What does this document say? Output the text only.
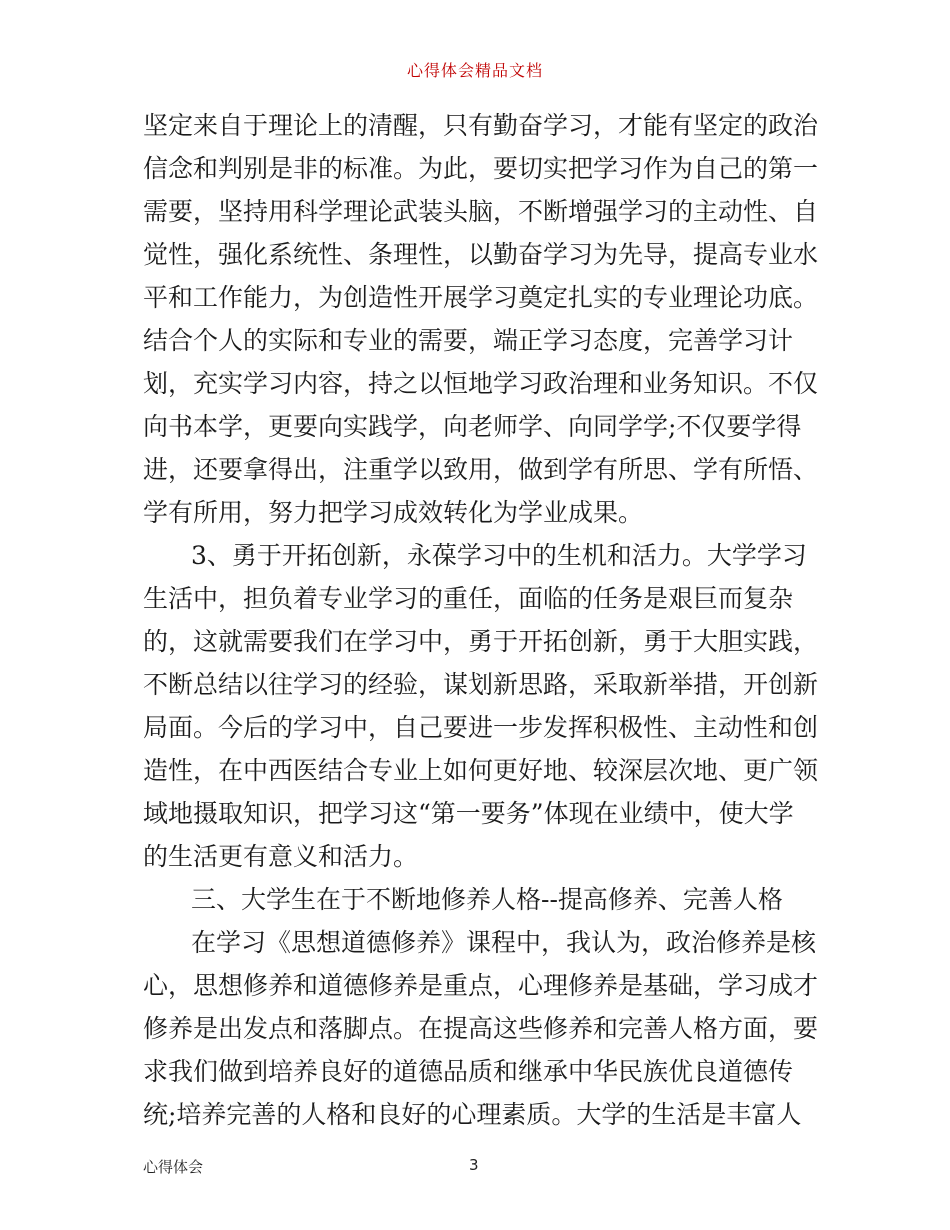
心得体会精品文档
坚定来自于理论上的清醒，只有勤奋学习，才能有坚定的政治
信念和判别是非的标准。为此，要切实把学习作为自己的第一
需要，坚持用科学理论武装头脑，不断增强学习的主动性、自
觉性，强化系统性、条理性，以勤奋学习为先导，提高专业水
平和工作能力，为创造性开展学习奠定扎实的专业理论功底。
结合个人的实际和专业的需要，端正学习态度，完善学习计
划，充实学习内容，持之以恒地学习政治理和业务知识。不仅
向书本学，更要向实践学，向老师学、向同学学;不仅要学得
进，还要拿得出，注重学以致用，做到学有所思、学有所悟、
学有所用，努力把学习成效转化为学业成果。
3、勇于开拓创新，永葆学习中的生机和活力。大学学习
生活中，担负着专业学习的重任，面临的任务是艰巨而复杂
的，这就需要我们在学习中，勇于开拓创新，勇于大胆实践，
不断总结以往学习的经验，谋划新思路，采取新举措，开创新
局面。今后的学习中，自己要进一步发挥积极性、主动性和创
造性，在中西医结合专业上如何更好地、较深层次地、更广领
域地摄取知识，把学习这“第一要务”体现在业绩中，使大学
的生活更有意义和活力。
三、大学生在于不断地修养人格--提高修养、完善人格
在学习《思想道德修养》课程中，我认为，政治修养是核
心，思想修养和道德修养是重点，心理修养是基础，学习成才
修养是出发点和落脚点。在提高这些修养和完善人格方面，要
求我们做到培养良好的道德品质和继承中华民族优良道德传
统;培养完善的人格和良好的心理素质。大学的生活是丰富人
心得体会	3
